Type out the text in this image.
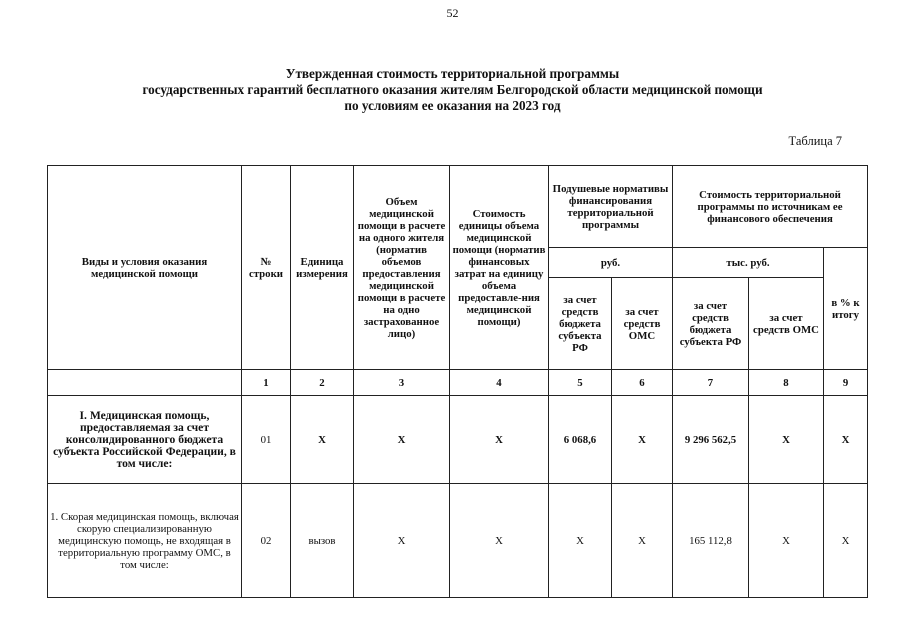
52
Утвержденная стоимость территориальной программы
государственных гарантий бесплатного оказания жителям Белгородской области медицинской помощи
по условиям ее оказания на 2023 год
Таблица 7
Виды и условия оказания медицинской помощи	№ строки	Единица измерения	Объем медицинской помощи в расчете на одного жителя (норматив объемов предоставления медицинской помощи в расчете на одно застрахованное лицо)	Стоимость единицы объема медицинской помощи (норматив финансовых затрат на единицу объема предоставле-ния медицинской помощи)	Подушевые нормативы финансирования территориальной программы		Стоимость территориальной программы по источникам ее финансового обеспечения		
					руб.		тыс. руб.		в % к итогу
					за счет средств бюджета субъекта РФ	за счет средств ОМС	за счет средств бюджета субъекта РФ	за счет средств ОМС	
	1	2	3	4	5	6	7	8	9
I. Медицинская помощь, предоставляемая за счет консолидированного бюджета субъекта Российской Федерации, в том числе:	01	Х	Х	Х	6 068,6	Х	9 296 562,5	Х	Х
1. Скорая медицинская помощь, включая скорую специализированную медицинскую помощь, не входящая в территориальную программу ОМС, в том числе:	02	вызов	Х	Х	Х	Х	165 112,8	Х	Х
